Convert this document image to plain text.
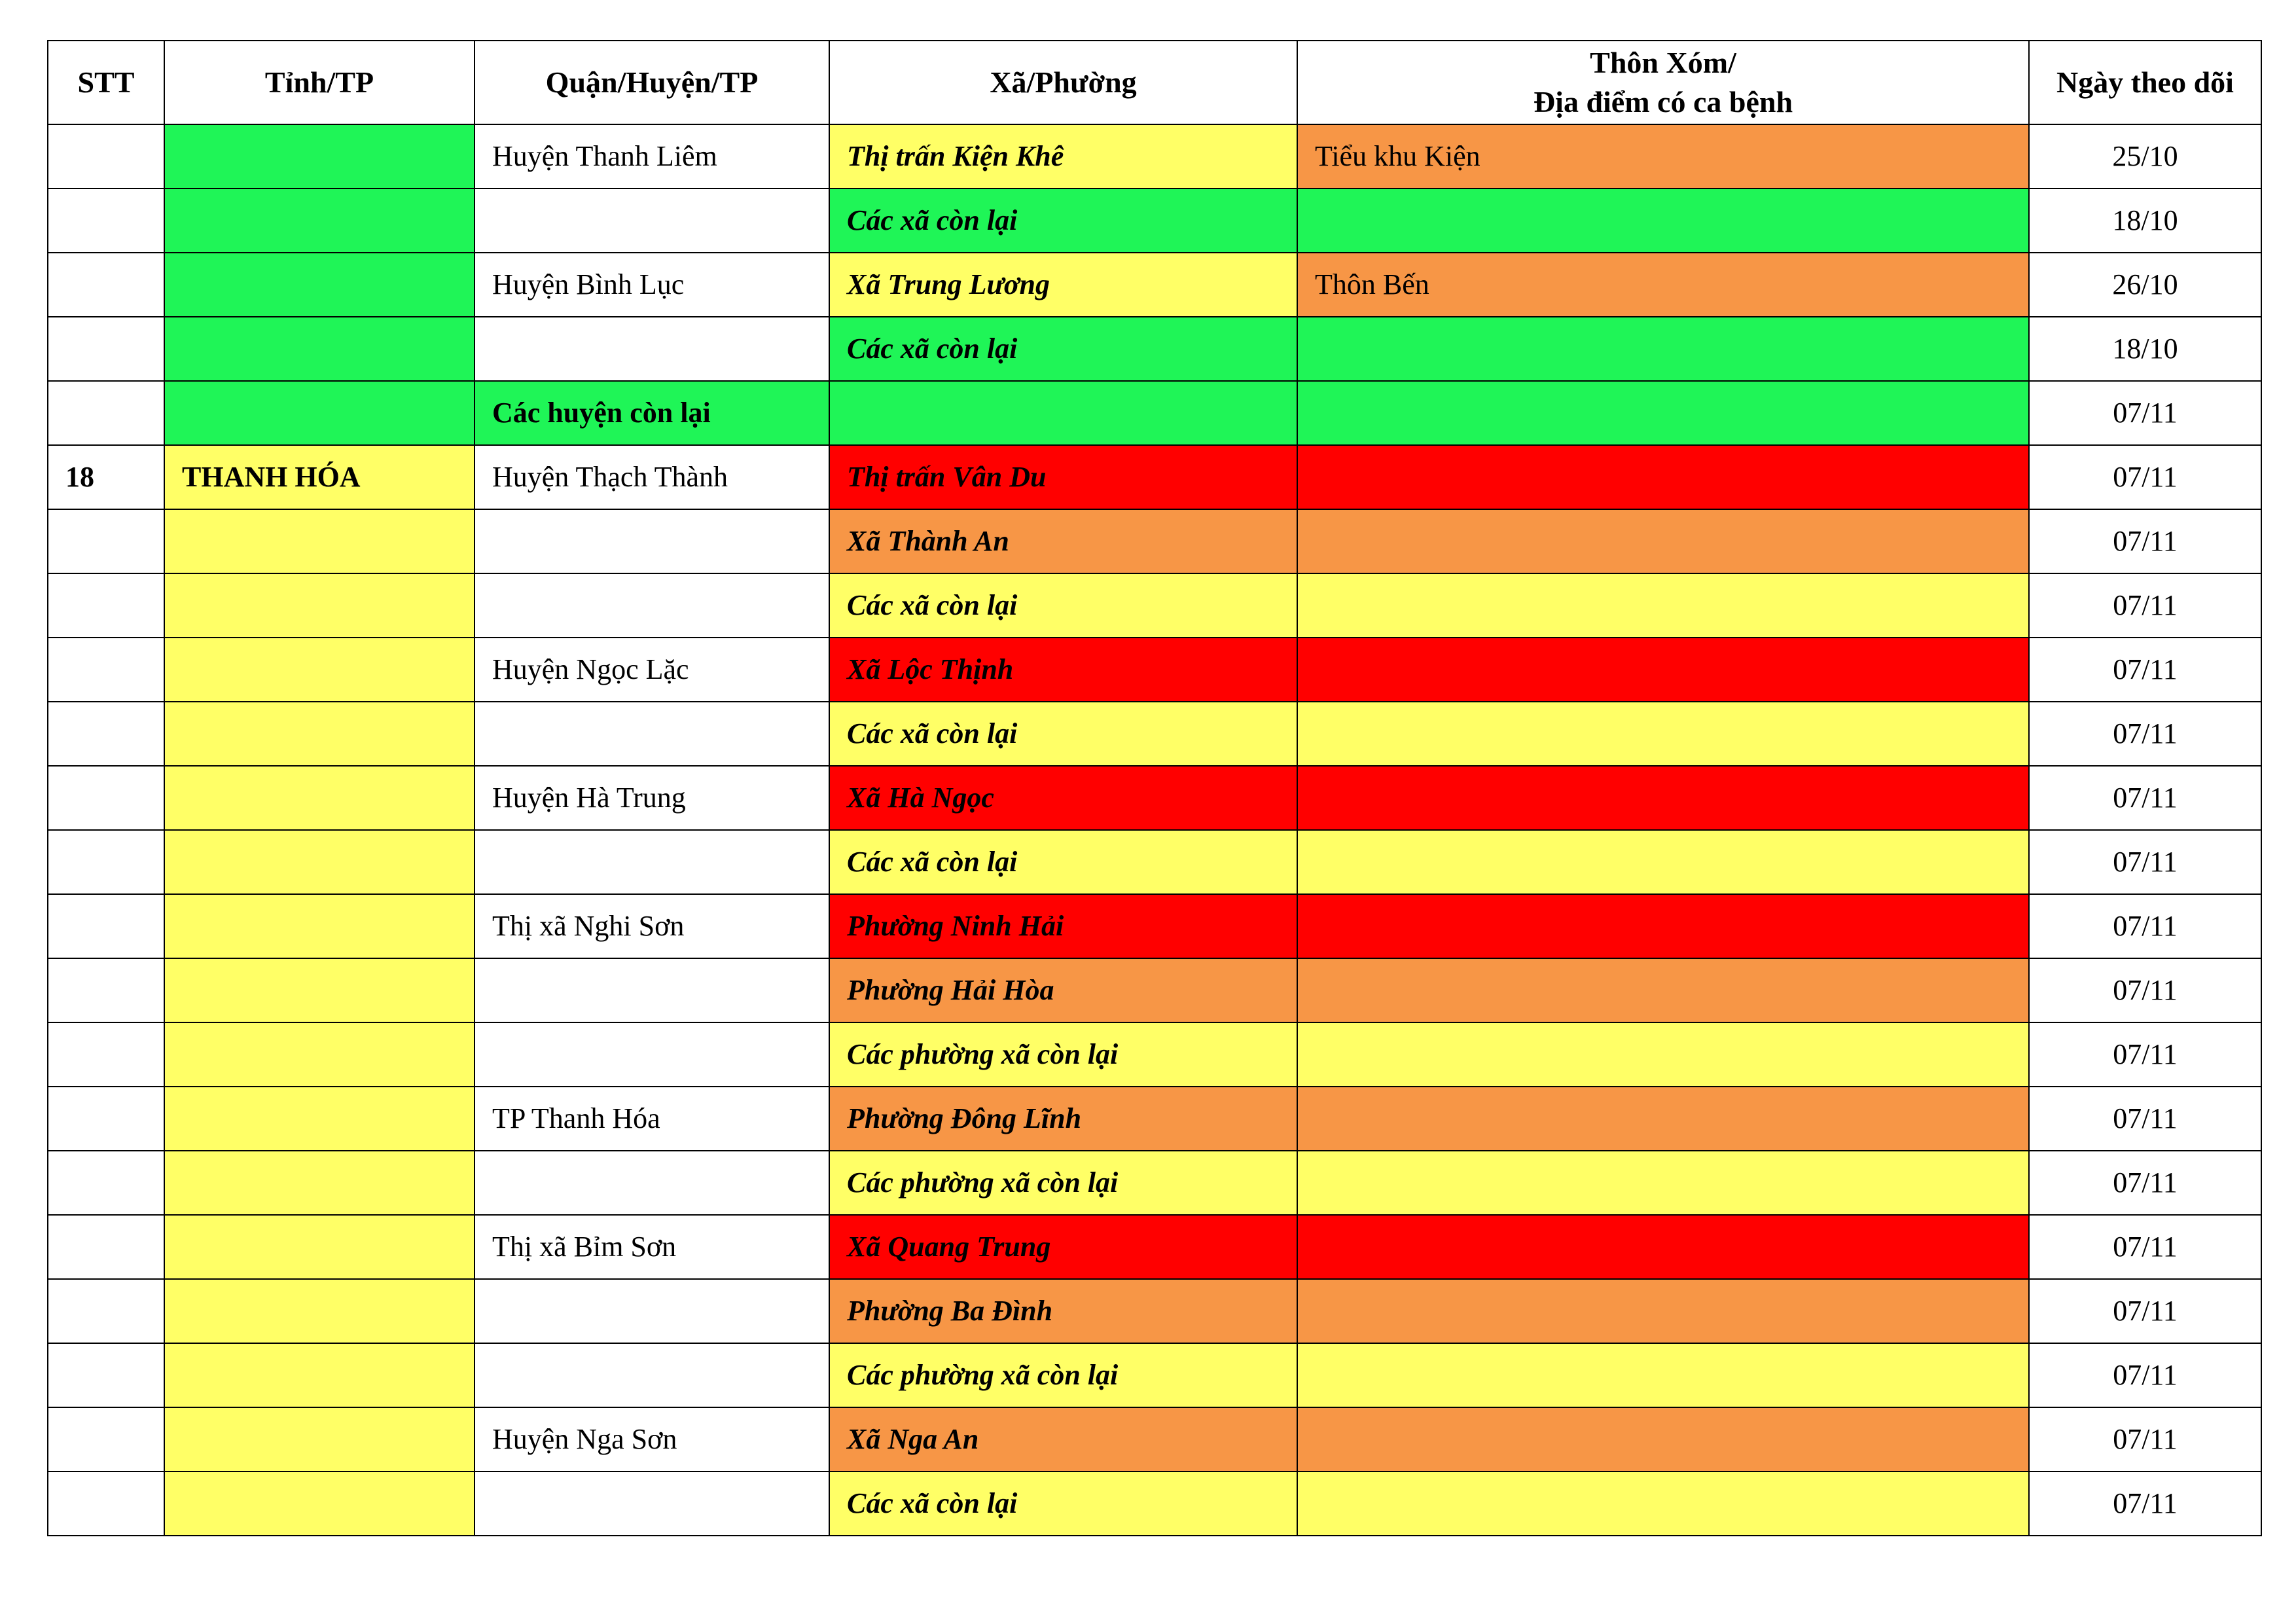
STT	Tỉnh/TP	Quận/Huyện/TP	Xã/Phường	Thôn Xóm/
Địa điểm có ca bệnh	Ngày theo dõi
		Huyện Thanh Liêm	Thị trấn Kiện Khê	Tiểu khu Kiện	25/10
			Các xã còn lại		18/10
		Huyện Bình Lục	Xã Trung Lương	Thôn Bến	26/10
			Các xã còn lại		18/10
		Các huyện còn lại			07/11
18	THANH HÓA	Huyện Thạch Thành	Thị trấn Vân Du		07/11
			Xã Thành An		07/11
			Các xã còn lại		07/11
		Huyện Ngọc Lặc	Xã Lộc Thịnh		07/11
			Các xã còn lại		07/11
		Huyện Hà Trung	Xã Hà Ngọc		07/11
			Các xã còn lại		07/11
		Thị xã Nghi Sơn	Phường Ninh Hải		07/11
			Phường Hải Hòa		07/11
			Các phường xã còn lại		07/11
		TP Thanh Hóa	Phường Đông Lĩnh		07/11
			Các phường xã còn lại		07/11
		Thị xã Bỉm Sơn	Xã Quang Trung		07/11
			Phường Ba Đình		07/11
			Các phường xã còn lại		07/11
		Huyện Nga Sơn	Xã Nga An		07/11
			Các xã còn lại		07/11
